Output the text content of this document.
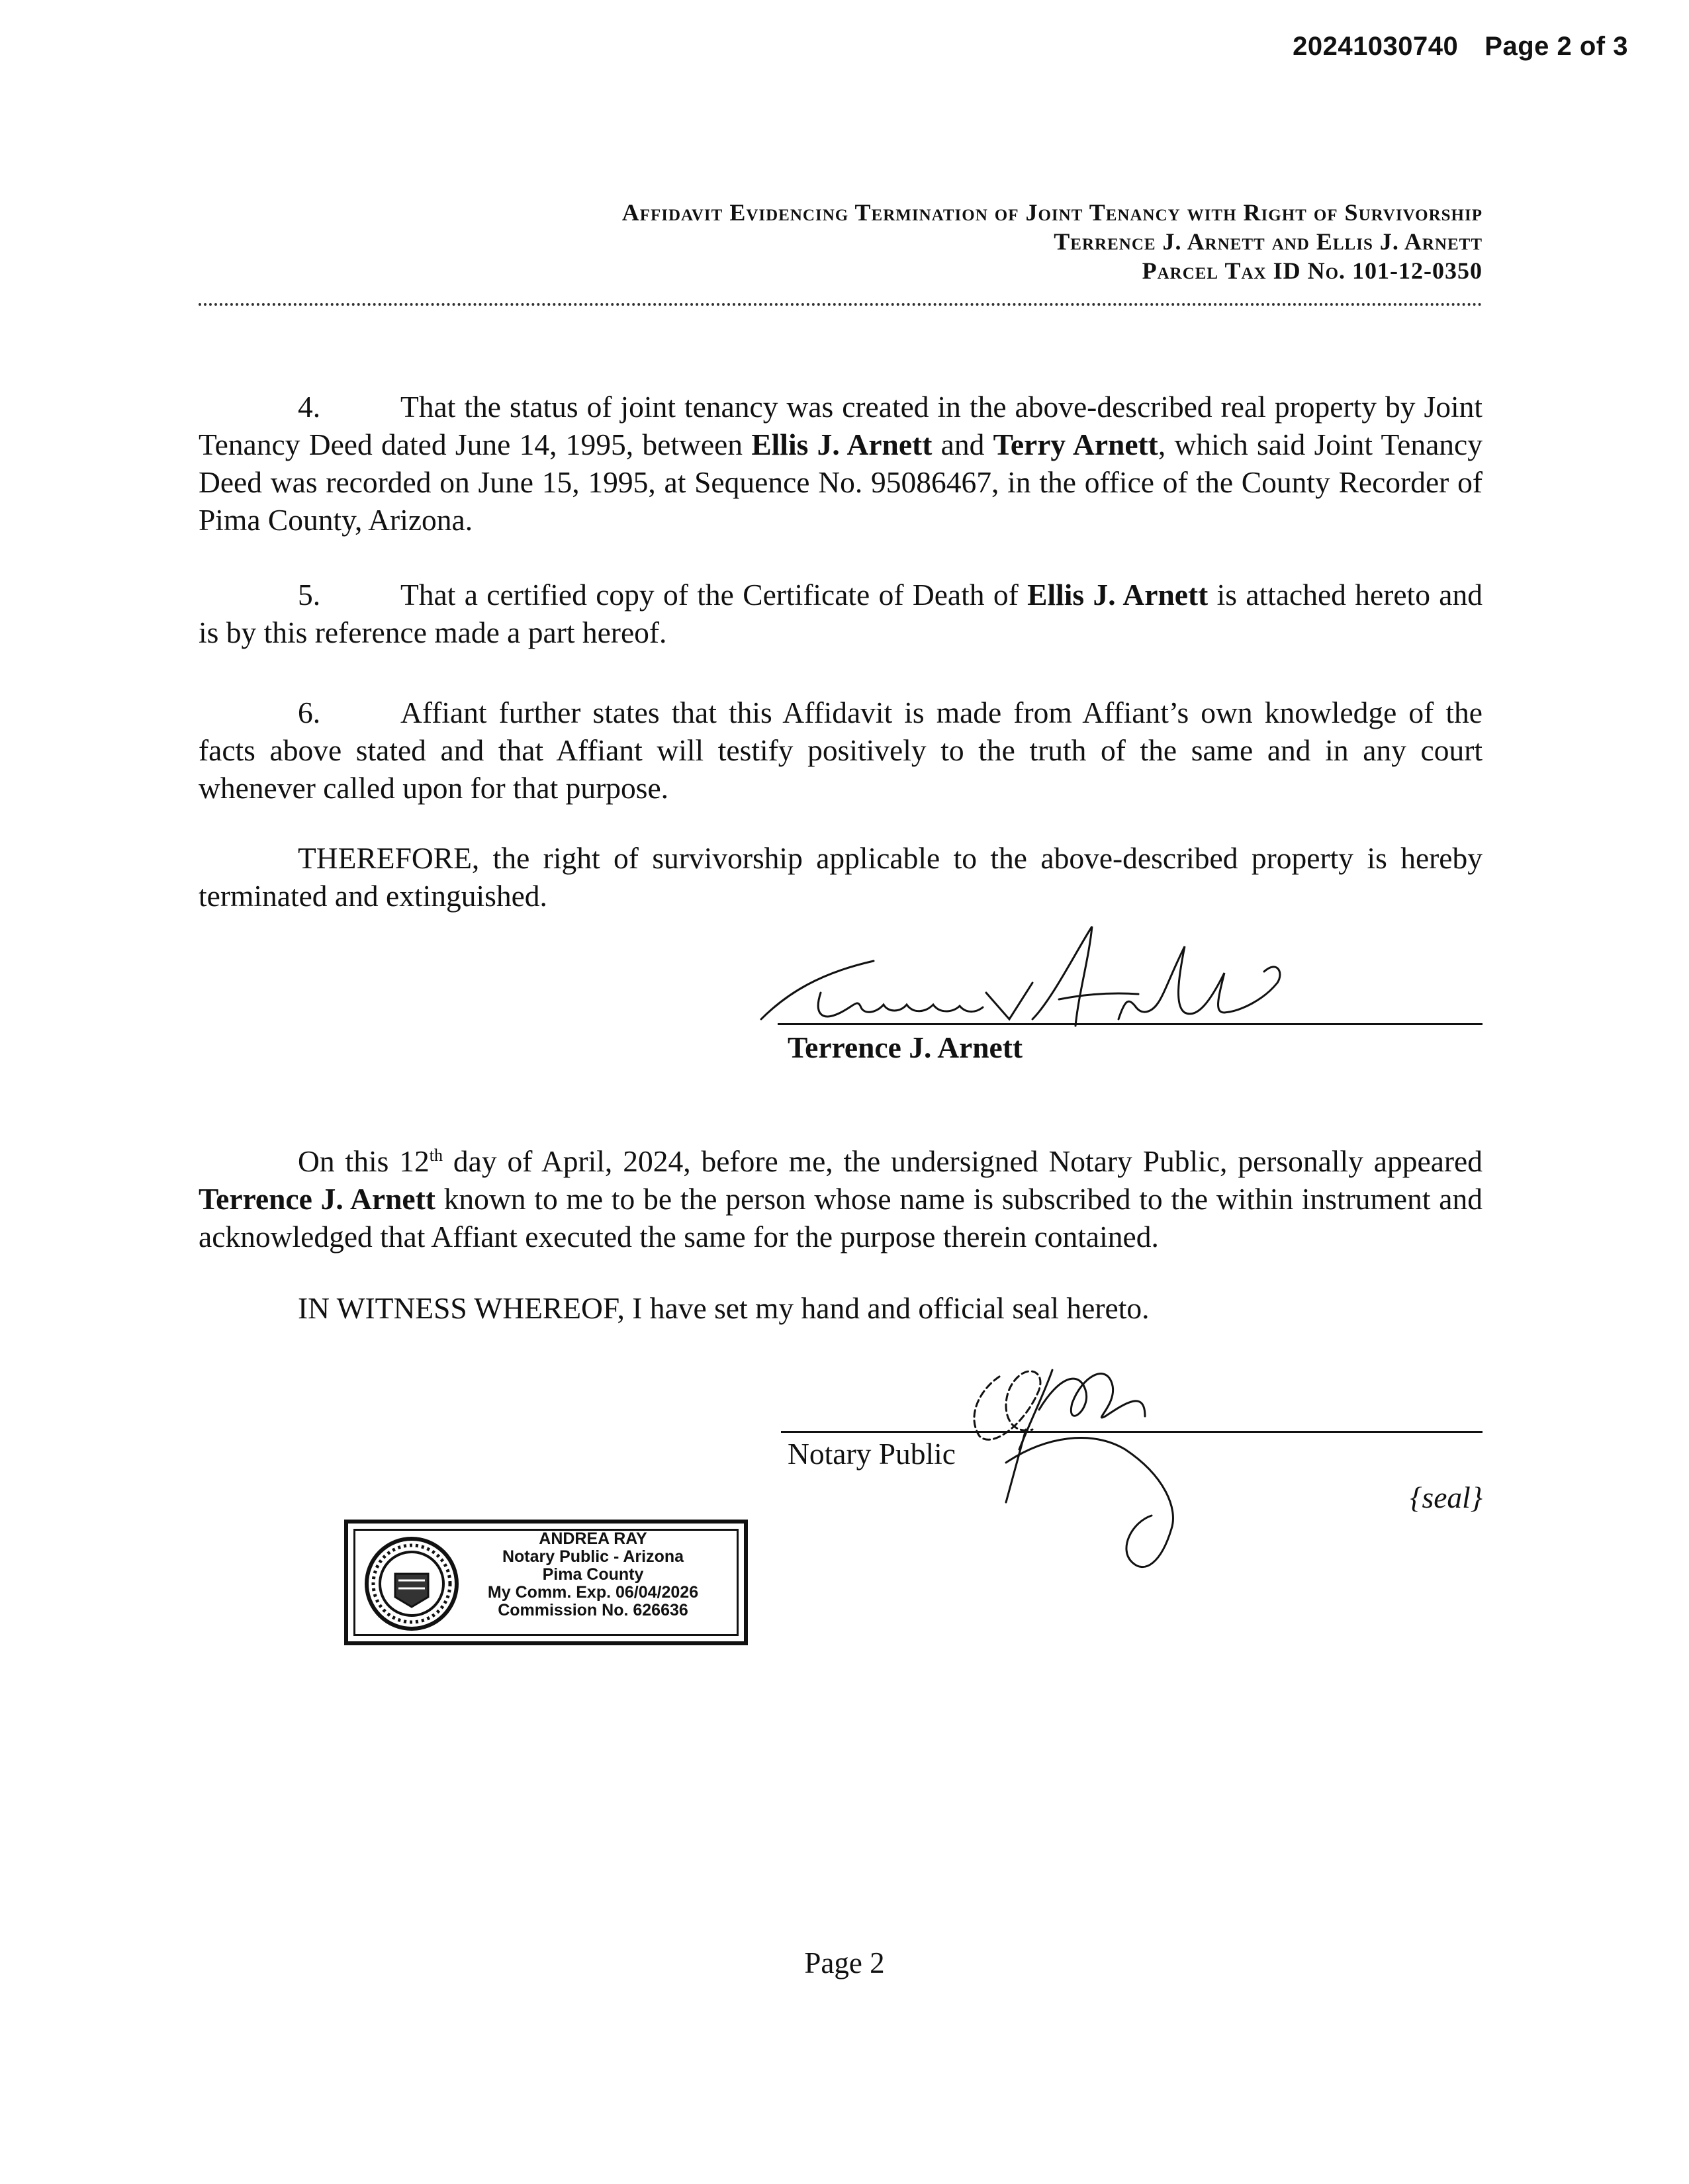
20241030740 Page 2 of 3
Affidavit Evidencing Termination of Joint Tenancy with Right of Survivorship
Terrence J. Arnett and Ellis J. Arnett
Parcel Tax ID No. 101-12-0350

4.	That the status of joint tenancy was created in the above-described real property by Joint Tenancy Deed dated June 14, 1995, between Ellis J. Arnett and Terry Arnett, which said Joint Tenancy Deed was recorded on June 15, 1995, at Sequence No. 95086467, in the office of the County Recorder of Pima County, Arizona.

5.	That a certified copy of the Certificate of Death of Ellis J. Arnett is attached hereto and is by this reference made a part hereof.

6.	Affiant further states that this Affidavit is made from Affiant’s own knowledge of the facts above stated and that Affiant will testify positively to the truth of the same and in any court whenever called upon for that purpose.

THEREFORE, the right of survivorship applicable to the above-described property is hereby terminated and extinguished.

Terrence J. Arnett

On this 12th day of April, 2024, before me, the undersigned Notary Public, personally appeared Terrence J. Arnett known to me to be the person whose name is subscribed to the within instrument and acknowledged that Affiant executed the same for the purpose therein contained.

IN WITNESS WHEREOF, I have set my hand and official seal hereto.

Notary Public
{seal}
ANDREA RAY
Notary Public - Arizona
Pima County
My Comm. Exp. 06/04/2026
Commission No. 626636
Page 2
